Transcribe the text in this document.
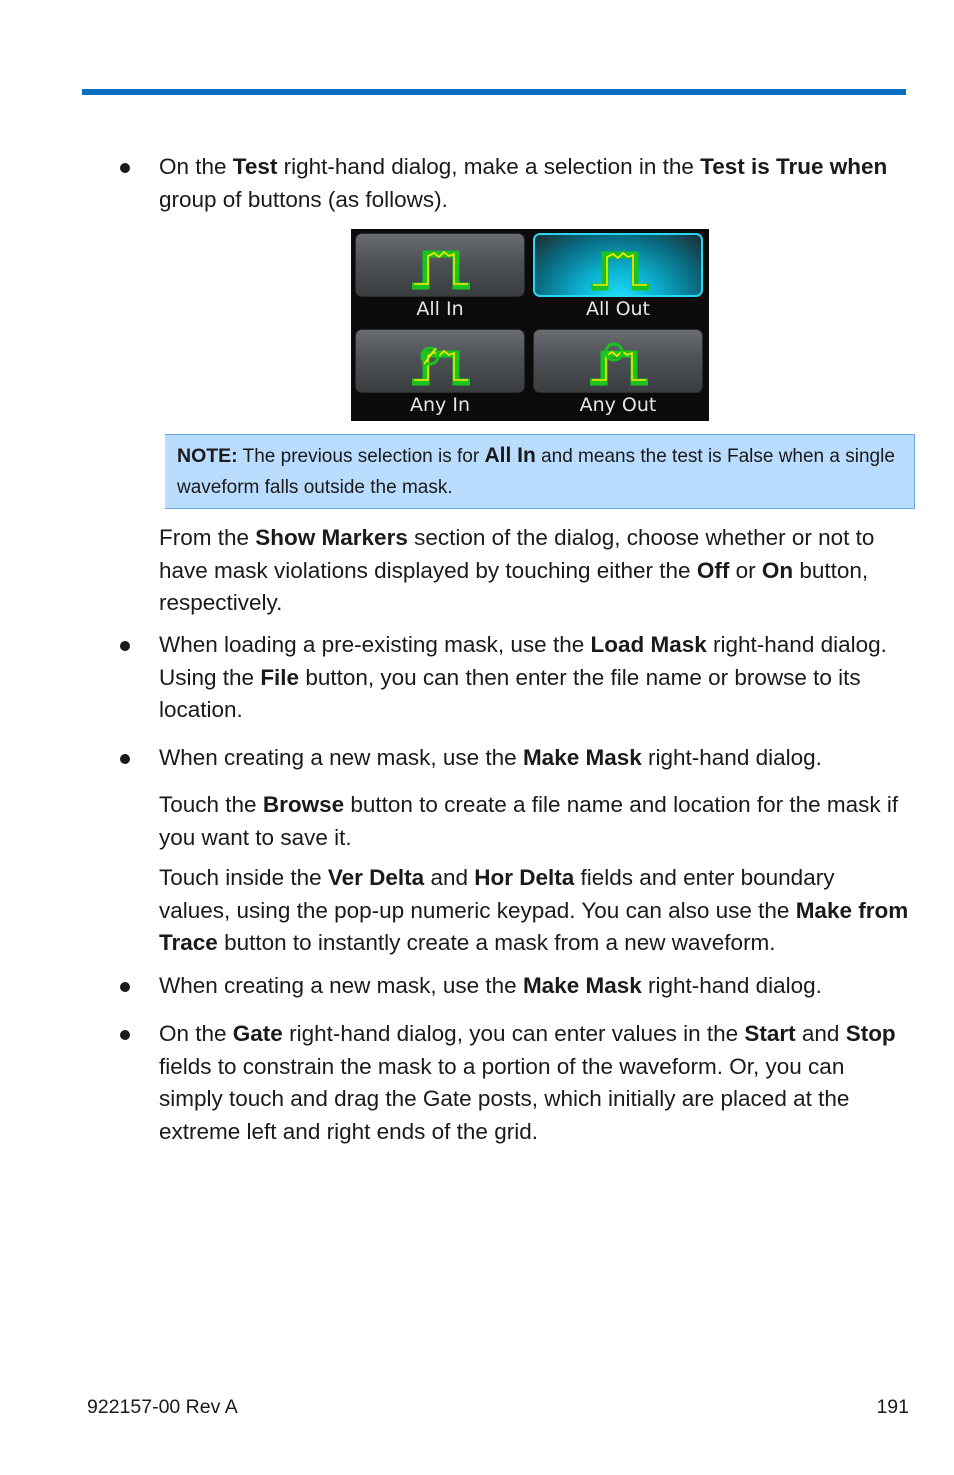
On the Test right-hand dialog, make a selection in the Test is True when group of buttons (as follows).
All In	All Out
Any In	Any Out
NOTE: The previous selection is for All In and means the test is False when a single waveform falls outside the mask.
From the Show Markers section of the dialog, choose whether or not to have mask violations displayed by touching either the Off or On button, respectively.
When loading a pre-existing mask, use the Load Mask right-hand dialog. Using the File button, you can then enter the file name or browse to its location.
When creating a new mask, use the Make Mask right-hand dialog.
Touch the Browse button to create a file name and location for the mask if you want to save it.
Touch inside the Ver Delta and Hor Delta fields and enter boundary values, using the pop-up numeric keypad. You can also use the Make from Trace button to instantly create a mask from a new waveform.
When creating a new mask, use the Make Mask right-hand dialog.
On the Gate right-hand dialog, you can enter values in the Start and Stop fields to constrain the mask to a portion of the waveform. Or, you can simply touch and drag the Gate posts, which initially are placed at the extreme left and right ends of the grid.
922157-00 Rev A	191
